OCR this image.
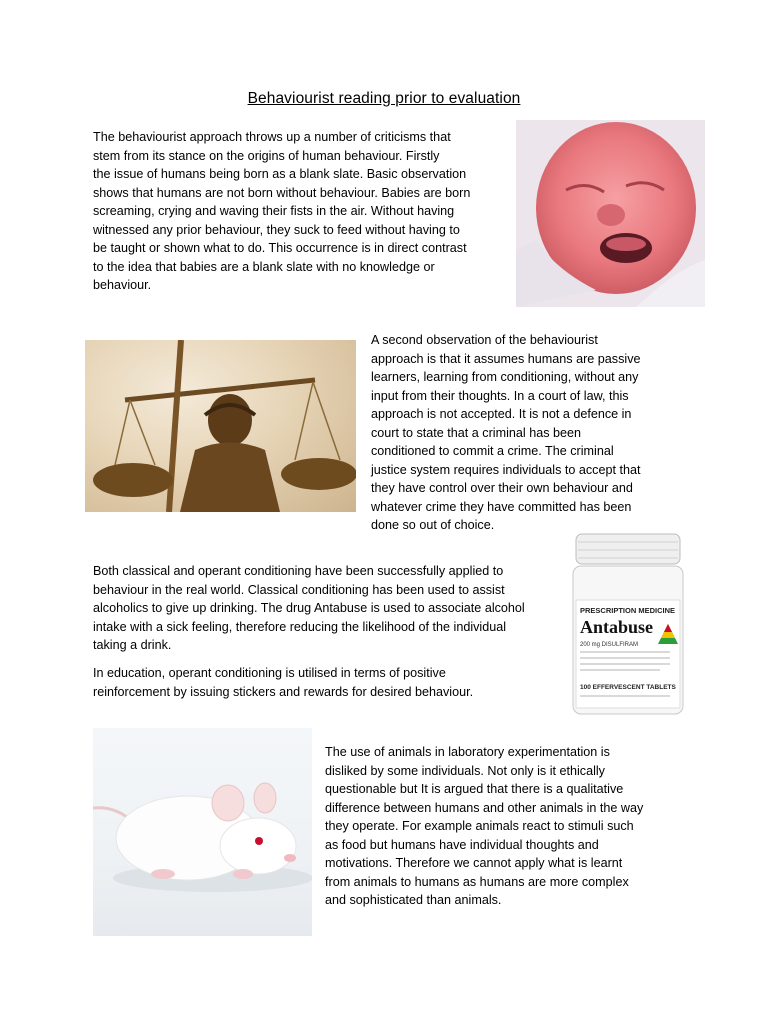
Behaviourist reading prior to evaluation

The behaviourist approach throws up a number of criticisms that
stem from its stance on the origins of human behaviour. Firstly
the issue of humans being born as a blank slate. Basic observation
shows that humans are not born without behaviour. Babies are born
screaming, crying and waving their fists in the air. Without having
witnessed any prior behaviour, they suck to feed without having to
be taught or shown what to do. This occurrence is in direct contrast
to the idea that babies are a blank slate with no knowledge or
behaviour.

A second observation of the behaviourist
approach is that it assumes humans are passive
learners, learning from conditioning, without any
input from their thoughts. In a court of law, this
approach is not accepted. It is not a defence in
court to state that a criminal has been
conditioned to commit a crime. The criminal
justice system requires individuals to accept that
they have control over their own behaviour and
whatever crime they have committed has been
done so out of choice.

PRESCRIPTION MEDICINE
Antabuse
200 mg DISULFIRAM
100 EFFERVESCENT TABLETS

Both classical and operant conditioning have been successfully applied to
behaviour in the real world. Classical conditioning has been used to assist
alcoholics to give up drinking. The drug Antabuse is used to associate alcohol
intake with a sick feeling, therefore reducing the likelihood of the individual
taking a drink.

In education, operant conditioning is utilised in terms of positive
reinforcement by issuing stickers and rewards for desired behaviour.

The use of animals in laboratory experimentation is
disliked by some individuals. Not only is it ethically
questionable but It is argued that there is a qualitative
difference between humans and other animals in the way
they operate. For example animals react to stimuli such
as food but humans have individual thoughts and
motivations. Therefore we cannot apply what is learnt
from animals to humans as humans are more complex
and sophisticated than animals.
